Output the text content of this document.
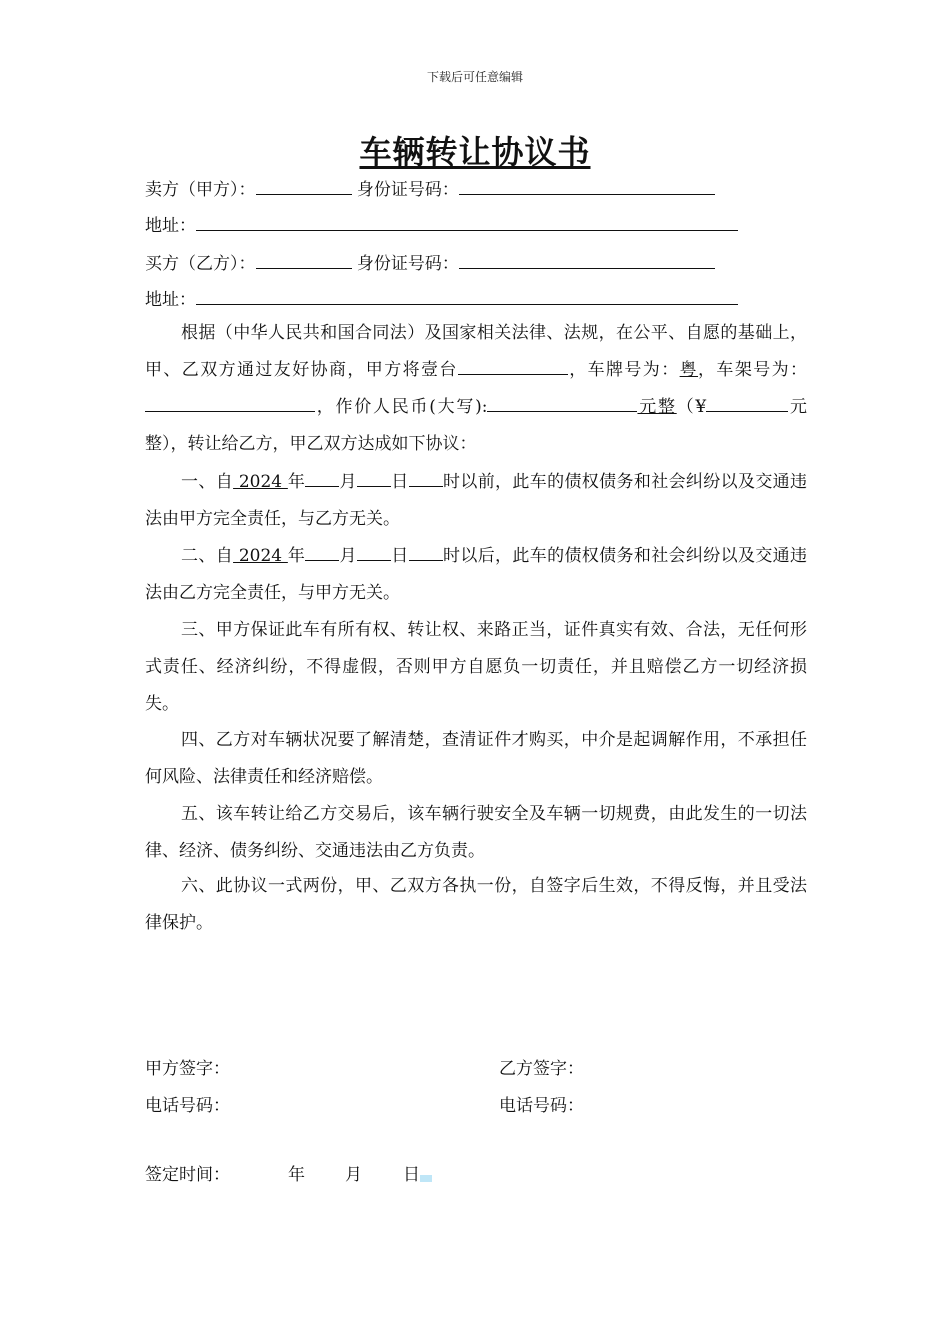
下载后可任意编辑
车辆转让协议书
卖方（甲方）：	身份证号码：
地址：
买方（乙方）：	身份证号码：
地址：
根据（中华人民共和国合同法）及国家相关法律、法规，在公平、自愿的基础上，甲、乙双方通过友好协商，甲方将壹台	，车牌号为：粤，车架号为：，作价人民币(大写):	元整（¥	元整），转让给乙方，甲乙双方达成如下协议：
一、自 2024 年 月 日 时以前，此车的债权债务和社会纠纷以及交通违法由甲方完全责任，与乙方无关。
二、自 2024 年 月 日 时以后，此车的债权债务和社会纠纷以及交通违法由乙方完全责任，与甲方无关。
三、甲方保证此车有所有权、转让权、来路正当，证件真实有效、合法，无任何形式责任、经济纠纷，不得虚假，否则甲方自愿负一切责任，并且赔偿乙方一切经济损失。
四、乙方对车辆状况要了解清楚，查清证件才购买，中介是起调解作用，不承担任何风险、法律责任和经济赔偿。
五、该车转让给乙方交易后，该车辆行驶安全及车辆一切规费，由此发生的一切法律、经济、债务纠纷、交通违法由乙方负责。
六、此协议一式两份，甲、乙双方各执一份，自签字后生效，不得反悔，并且受法律保护。
甲方签字：	乙方签字：
电话号码：	电话号码：
签定时间：	年 月 日
